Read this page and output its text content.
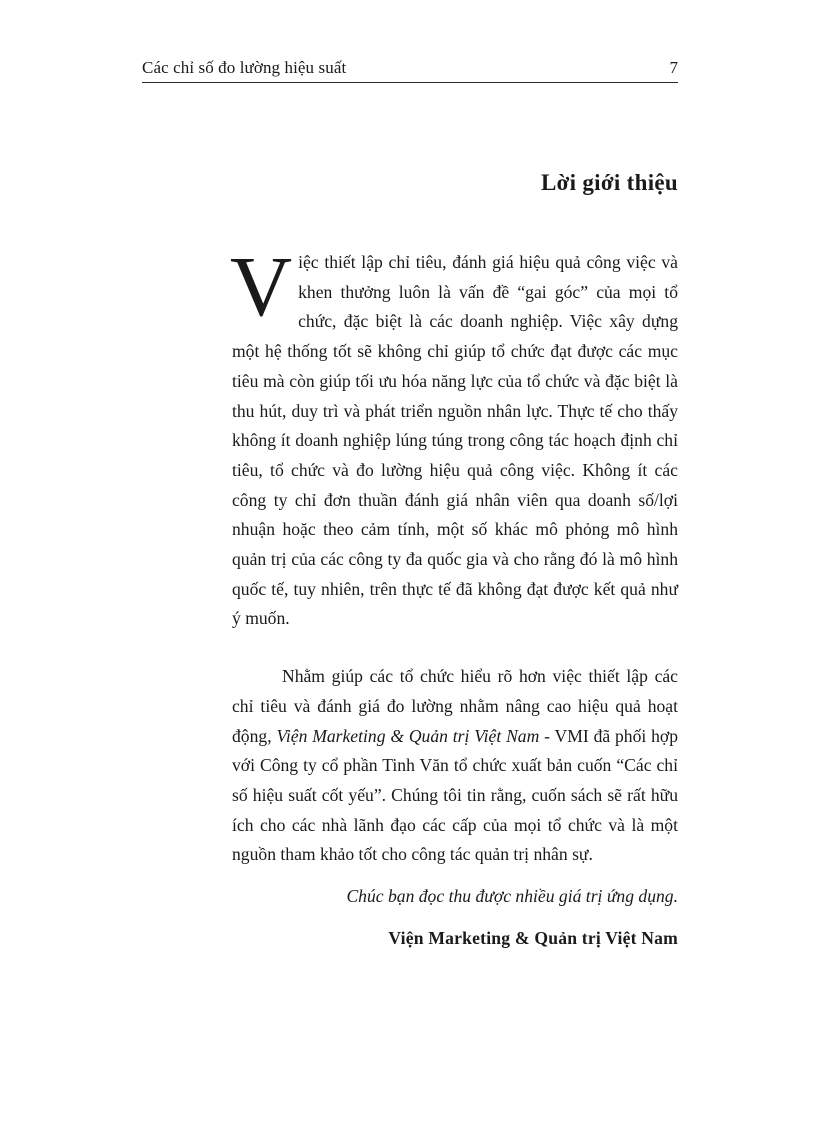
Các chỉ số đo lường hiệu suất	7
Lời giới thiệu

Việc thiết lập chỉ tiêu, đánh giá hiệu quả công việc và khen thưởng luôn là vấn đề “gai góc” của mọi tổ chức, đặc biệt là các doanh nghiệp. Việc xây dựng một hệ thống tốt sẽ không chỉ giúp tổ chức đạt được các mục tiêu mà còn giúp tối ưu hóa năng lực của tổ chức và đặc biệt là thu hút, duy trì và phát triển nguồn nhân lực. Thực tế cho thấy không ít doanh nghiệp lúng túng trong công tác hoạch định chỉ tiêu, tổ chức và đo lường hiệu quả công việc. Không ít các công ty chỉ đơn thuần đánh giá nhân viên qua doanh số/lợi nhuận hoặc theo cảm tính, một số khác mô phỏng mô hình quản trị của các công ty đa quốc gia và cho rằng đó là mô hình quốc tế, tuy nhiên, trên thực tế đã không đạt được kết quả như ý muốn.

Nhằm giúp các tổ chức hiểu rõ hơn việc thiết lập các chỉ tiêu và đánh giá đo lường nhằm nâng cao hiệu quả hoạt động, Viện Marketing & Quản trị Việt Nam - VMI đã phối hợp với Công ty cổ phần Tinh Văn tổ chức xuất bản cuốn “Các chỉ số hiệu suất cốt yếu”. Chúng tôi tin rằng, cuốn sách sẽ rất hữu ích cho các nhà lãnh đạo các cấp của mọi tổ chức và là một nguồn tham khảo tốt cho công tác quản trị nhân sự.

Chúc bạn đọc thu được nhiều giá trị ứng dụng.

Viện Marketing & Quản trị Việt Nam
